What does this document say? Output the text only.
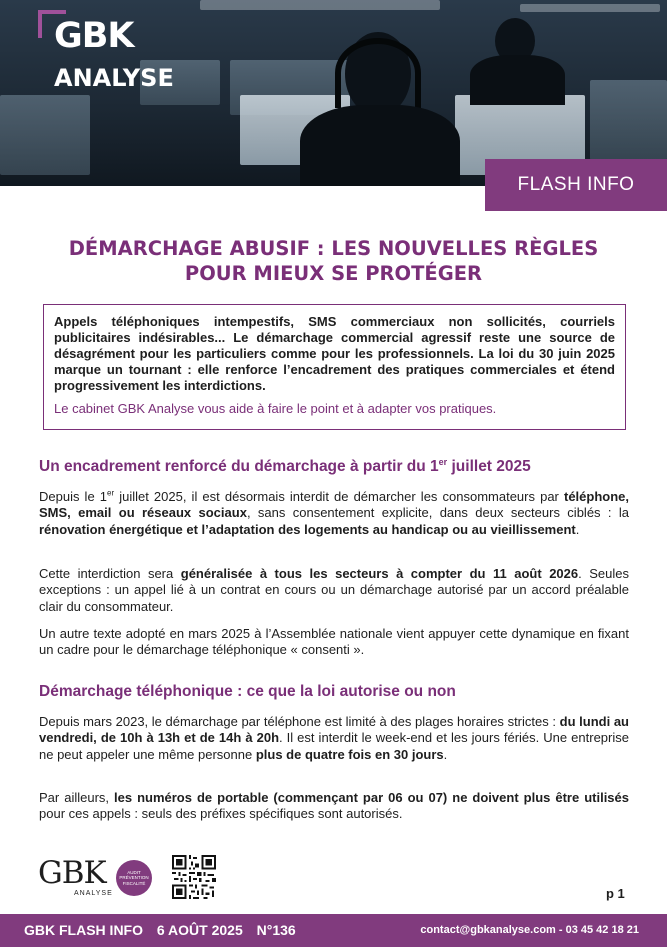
GBK
ANALYSE
FLASH INFO
DÉMARCHAGE ABUSIF : LES NOUVELLES RÈGLES
POUR MIEUX SE PROTÉGER

Appels téléphoniques intempestifs, SMS commerciaux non sollicités, courriels publicitaires indésirables... Le démarchage commercial agressif reste une source de désagrément pour les particuliers comme pour les professionnels. La loi du 30 juin 2025 marque un tournant : elle renforce l’encadrement des pratiques commerciales et étend progressivement les interdictions.

Le cabinet GBK Analyse vous aide à faire le point et à adapter vos pratiques.

Un encadrement renforcé du démarchage à partir du 1er juillet 2025

Depuis le 1er juillet 2025, il est désormais interdit de démarcher les consommateurs par téléphone, SMS, email ou réseaux sociaux, sans consentement explicite, dans deux secteurs ciblés : la rénovation énergétique et l’adaptation des logements au handicap ou au vieillissement.

Cette interdiction sera généralisée à tous les secteurs à compter du 11 août 2026. Seules exceptions : un appel lié à un contrat en cours ou un démarchage autorisé par un accord préalable clair du consommateur.

Un autre texte adopté en mars 2025 à l’Assemblée nationale vient appuyer cette dynamique en fixant un cadre pour le démarchage téléphonique « consenti ».

Démarchage téléphonique : ce que la loi autorise ou non

Depuis mars 2023, le démarchage par téléphone est limité à des plages horaires strictes : du lundi au vendredi, de 10h à 13h et de 14h à 20h. Il est interdit le week-end et les jours fériés. Une entreprise ne peut appeler une même personne plus de quatre fois en 30 jours.

Par ailleurs, les numéros de portable (commençant par 06 ou 07) ne doivent plus être utilisés pour ces appels : seuls des préfixes spécifiques sont autorisés.

GBK
ANALYSE
AUDIT
PRÉVENTION
FISCALITÉ
p 1
GBK FLASH INFO 6 AOÛT 2025 N°136	contact@gbkanalyse.com - 03 45 42 18 21
